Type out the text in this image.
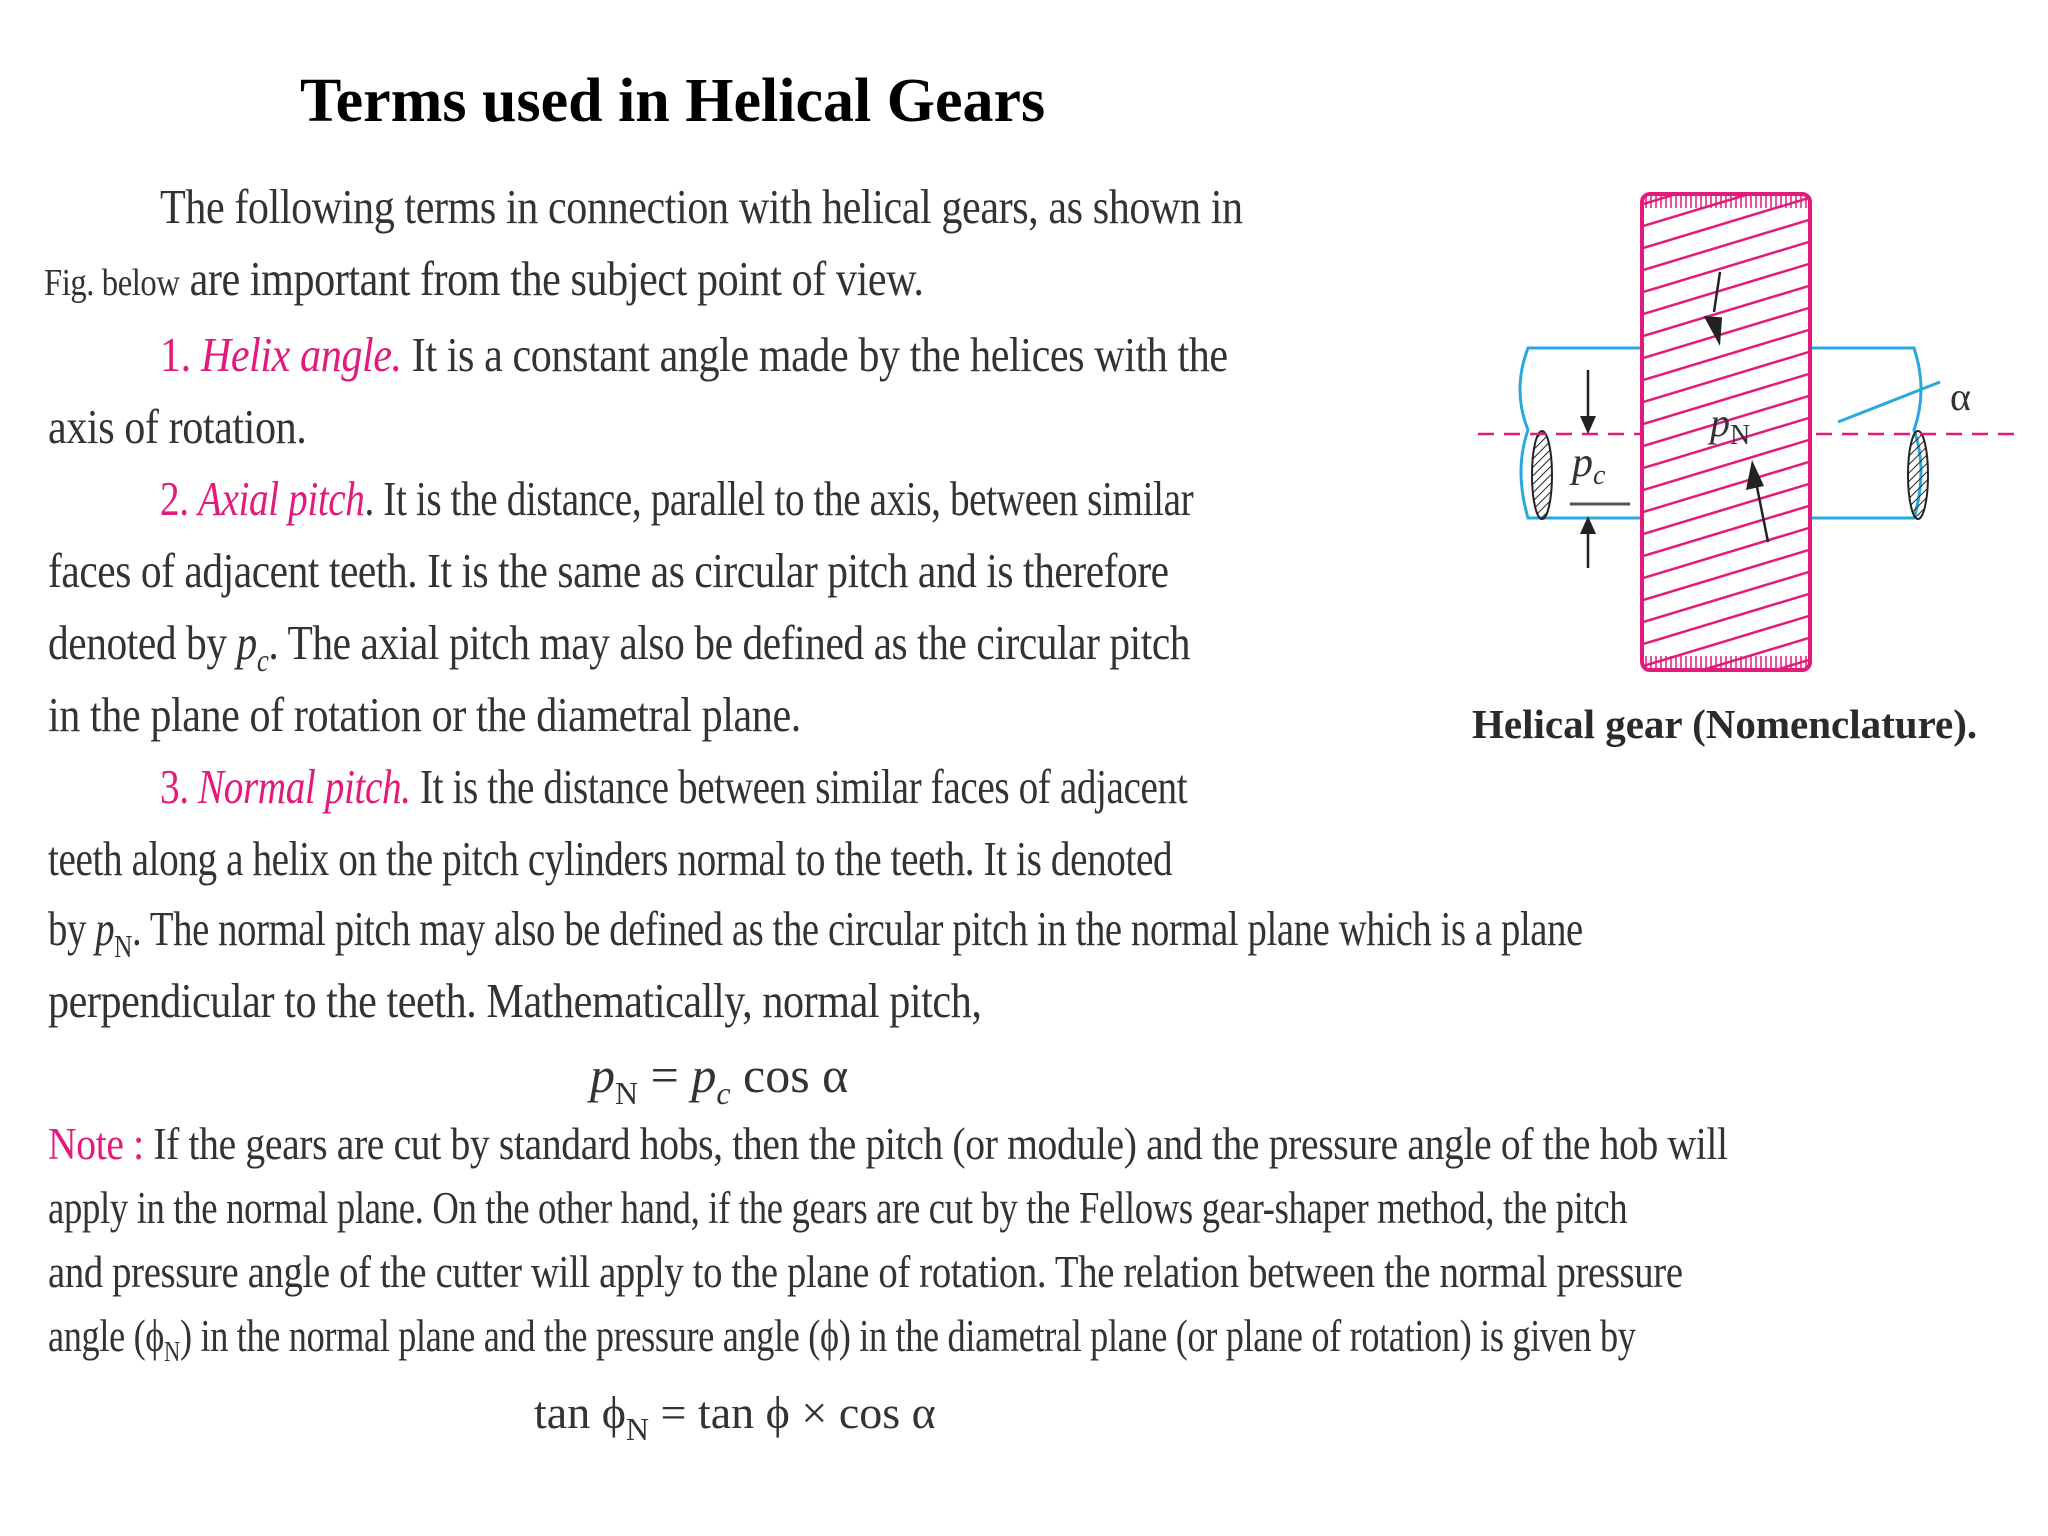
Terms used in Helical Gears
The following terms in connection with helical gears, as shown in
Fig. below are important from the subject point of view.
1. Helix angle. It is a constant angle made by the helices with the
axis of rotation.
2. Axial pitch. It is the distance, parallel to the axis, between similar
faces of adjacent teeth. It is the same as circular pitch and is therefore
denoted by $p_c$. The axial pitch may also be defined as the circular pitch
in the plane of rotation or the diametral plane.
3. Normal pitch. It is the distance between similar faces of adjacent
teeth along a helix on the pitch cylinders normal to the teeth. It is denoted
by $p_N$. The normal pitch may also be defined as the circular pitch in the normal plane which is a plane
perpendicular to the teeth. Mathematically, normal pitch,
$p_N = p_c$ cos α
Note : If the gears are cut by standard hobs, then the pitch (or module) and the pressure angle of the hob will
apply in the normal plane. On the other hand, if the gears are cut by the Fellows gear-shaper method, the pitch
and pressure angle of the cutter will apply to the plane of rotation. The relation between the normal pressure
angle $(\phi_N)$ in the normal plane and the pressure angle (ϕ) in the diametral plane (or plane of rotation) is given by
$\tan \phi_N = \tan \phi \times \cos \alpha$
pc
$p_N$
α
Helical gear (Nomenclature).
